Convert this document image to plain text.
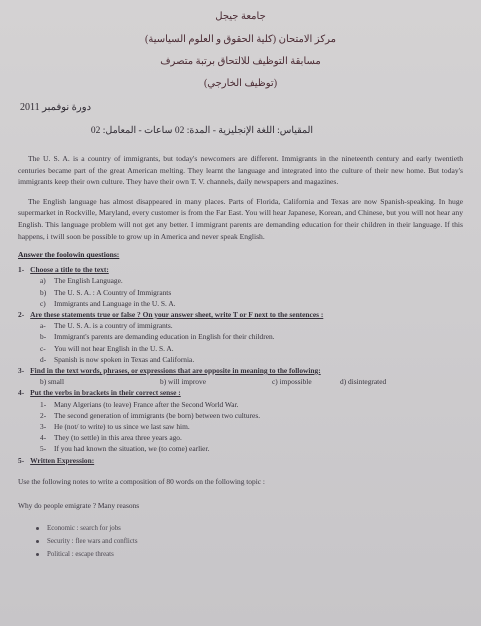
جامعة جيجل
مركز الامتحان (كلية الحقوق و العلوم السياسية)
مسابقة التوظيف للالتحاق برتبة متصرف
(توظيف الخارجي)
دورة نوفمبر 2011
المقياس: اللغة الإنجليزية - المدة: 02 ساعات - المعامل: 02

The U. S. A. is a country of immigrants, but today's newcomers are different. Immigrants in the nineteenth century and early twentieth centuries became part of the great American melting. They learnt the language and integrated into the culture of their new home. But today's immigrants keep their own culture. They have their own T. V. channels, daily newspapers and magazines.

The English language has almost disappeared in many places. Parts of Florida, California and Texas are now Spanish-speaking. In huge supermarket in Rockville, Maryland, every customer is from the Far East. You will hear Japanese, Korean, and Chinese, but you will not hear any English. This language problem will not get any better. I immigrant parents are demanding education for their children in their language. If this happens, i twill soon be possible to grow up in America and never speak English.

Answer the foolowin questions:
1- Choose a title to the text:
a)	The English Language.
b)	The U. S. A. : A Country of Immigrants
c)	Immigrants and Language in the U. S. A.
2- Are these statements true or false ? On your answer sheet, write T or F next to the sentences :
a-	The U. S. A. is a country of immigrants.
b-	Immigrant's parents are demanding education in English for their children.
c-	You will not hear English in the U. S. A.
d-	Spanish is now spoken in Texas and California.
3- Find in the text words, phrases, or expressions that are opposite in meaning to the following:
b) small	b) will improve	c) impossible	d) disintegrated
4- Put the verbs in brackets in their correct sense :
1-	Many Algerians (to leave) France after the Second World War.
2-	The second generation of immigrants (be born) between two cultures.
3-	He (not/ to write) to us since we last saw him.
4-	They (to settle) in this area three years ago.
5-	If you had known the situation, we (to come) earlier.
5- Written Expression:
Use the following notes to write a composition of 80 words on the following topic :
Why do people emigrate ? Many reasons
Economic : search for jobs
Security : flee wars and conflicts
Political : escape threats
